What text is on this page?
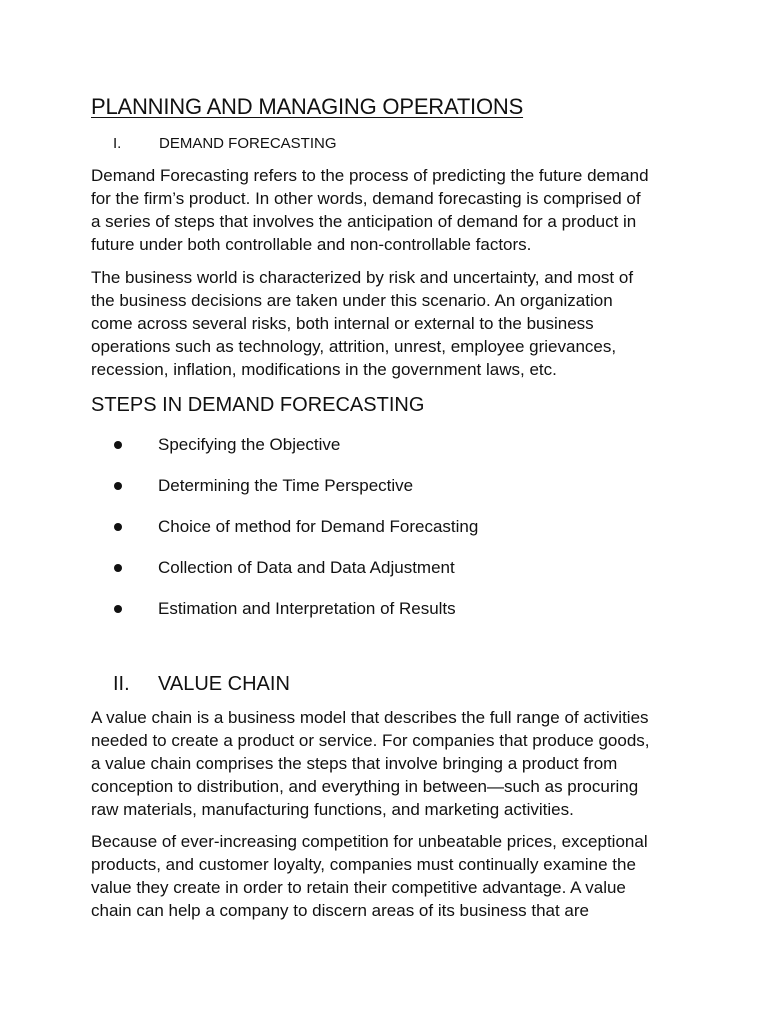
PLANNING AND MANAGING OPERATIONS
I.	DEMAND FORECASTING

Demand Forecasting refers to the process of predicting the future demand
for the firm’s product. In other words, demand forecasting is comprised of
a series of steps that involves the anticipation of demand for a product in
future under both controllable and non-controllable factors.

The business world is characterized by risk and uncertainty, and most of
the business decisions are taken under this scenario. An organization
come across several risks, both internal or external to the business
operations such as technology, attrition, unrest, employee grievances,
recession, inflation, modifications in the government laws, etc.

STEPS IN DEMAND FORECASTING
Specifying the Objective
Determining the Time Perspective
Choice of method for Demand Forecasting
Collection of Data and Data Adjustment
Estimation and Interpretation of Results
II. VALUE CHAIN

A value chain is a business model that describes the full range of activities
needed to create a product or service. For companies that produce goods,
a value chain comprises the steps that involve bringing a product from
conception to distribution, and everything in between—such as procuring
raw materials, manufacturing functions, and marketing activities.

Because of ever-increasing competition for unbeatable prices, exceptional
products, and customer loyalty, companies must continually examine the
value they create in order to retain their competitive advantage. A value
chain can help a company to discern areas of its business that are
